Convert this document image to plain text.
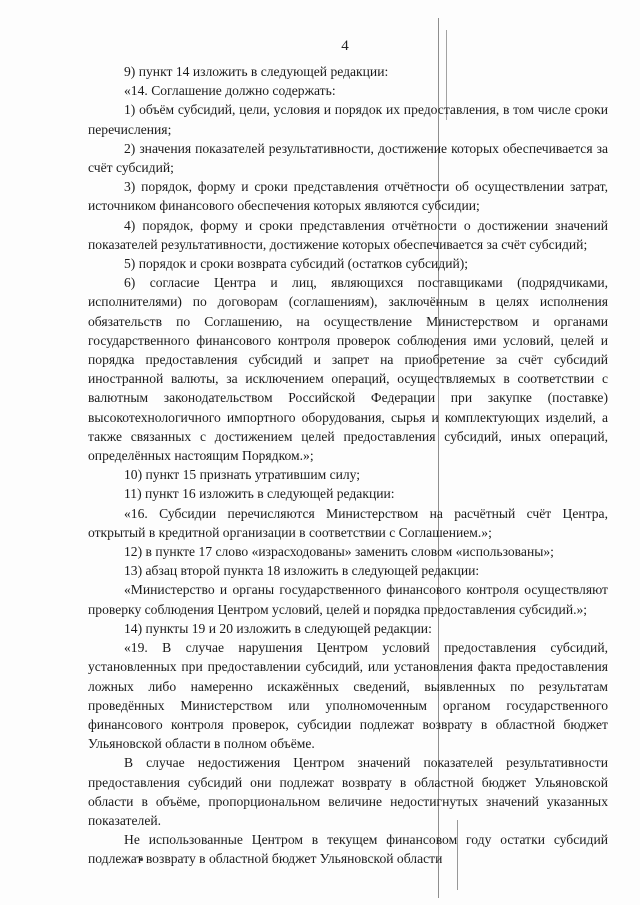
4

9) пункт 14 изложить в следующей редакции:

«14. Соглашение должно содержать:

1) объём субсидий, цели, условия и порядок их предоставления, в том числе сроки перечисления;

2) значения показателей результативности, достижение которых обеспечивается за счёт субсидий;

3) порядок, форму и сроки представления отчётности об осуществлении затрат, источником финансового обеспечения которых являются субсидии;

4) порядок, форму и сроки представления отчётности о достижении значений показателей результативности, достижение которых обеспечивается за счёт субсидий;

5) порядок и сроки возврата субсидий (остатков субсидий);

6) согласие Центра и лиц, являющихся поставщиками (подрядчиками, исполнителями) по договорам (соглашениям), заключённым в целях исполнения обязательств по Соглашению, на осуществление Министерством и органами государственного финансового контроля проверок соблюдения ими условий, целей и порядка предоставления субсидий и запрет на приобретение за счёт субсидий иностранной валюты, за исключением операций, осуществляемых в соответствии с валютным законодательством Российской Федерации при закупке (поставке) высокотехнологичного импортного оборудования, сырья и комплектующих изделий, а также связанных с достижением целей предоставления субсидий, иных операций, определённых настоящим Порядком.»;

10) пункт 15 признать утратившим силу;

11) пункт 16 изложить в следующей редакции:

«16. Субсидии перечисляются Министерством на расчётный счёт Центра, открытый в кредитной организации в соответствии с Соглашением.»;

12) в пункте 17 слово «израсходованы» заменить словом «использованы»;

13) абзац второй пункта 18 изложить в следующей редакции:

«Министерство и органы государственного финансового контроля осуществляют проверку соблюдения Центром условий, целей и порядка предоставления субсидий.»;

14) пункты 19 и 20 изложить в следующей редакции:

«19. В случае нарушения Центром условий предоставления субсидий, установленных при предоставлении субсидий, или установления факта предоставления ложных либо намеренно искажённых сведений, выявленных по результатам проведённых Министерством или уполномоченным органом государственного финансового контроля проверок, субсидии подлежат возврату в областной бюджет Ульяновской области в полном объёме.

В случае недостижения Центром значений показателей результативности предоставления субсидий они подлежат возврату в областной бюджет Ульяновской области в объёме, пропорциональном величине недостигнутых значений указанных показателей.

Не использованные Центром в текущем финансовом году остатки субсидий подлежат возврату в областной бюджет Ульяновской области
